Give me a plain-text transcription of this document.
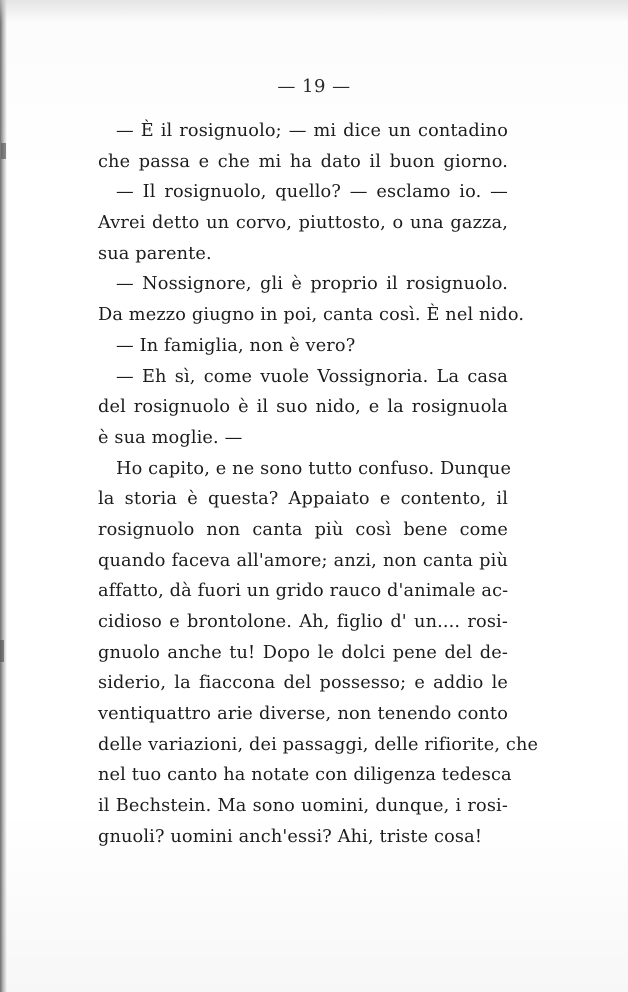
— 19 —
— È il rosignuolo; — mi dice un contadino
che passa e che mi ha dato il buon giorno.
— Il rosignuolo, quello? — esclamo io. —
Avrei detto un corvo, piuttosto, o una gazza,
sua parente.
— Nossignore, gli è proprio il rosignuolo.
Da mezzo giugno in poi, canta così. È nel nido.
— In famiglia, non è vero?
— Eh sì, come vuole Vossignoria. La casa
del rosignuolo è il suo nido, e la rosignuola
è sua moglie. —
Ho capito, e ne sono tutto confuso. Dunque
la storia è questa? Appaiato e contento, il
rosignuolo non canta più così bene come
quando faceva all'amore; anzi, non canta più
affatto, dà fuori un grido rauco d'animale ac-
cidioso e brontolone. Ah, figlio d' un.... rosi-
gnuolo anche tu! Dopo le dolci pene del de-
siderio, la fiaccona del possesso; e addio le
ventiquattro arie diverse, non tenendo conto
delle variazioni, dei passaggi, delle rifiorite, che
nel tuo canto ha notate con diligenza tedesca
il Bechstein. Ma sono uomini, dunque, i rosi-
gnuoli? uomini anch'essi? Ahi, triste cosa!
